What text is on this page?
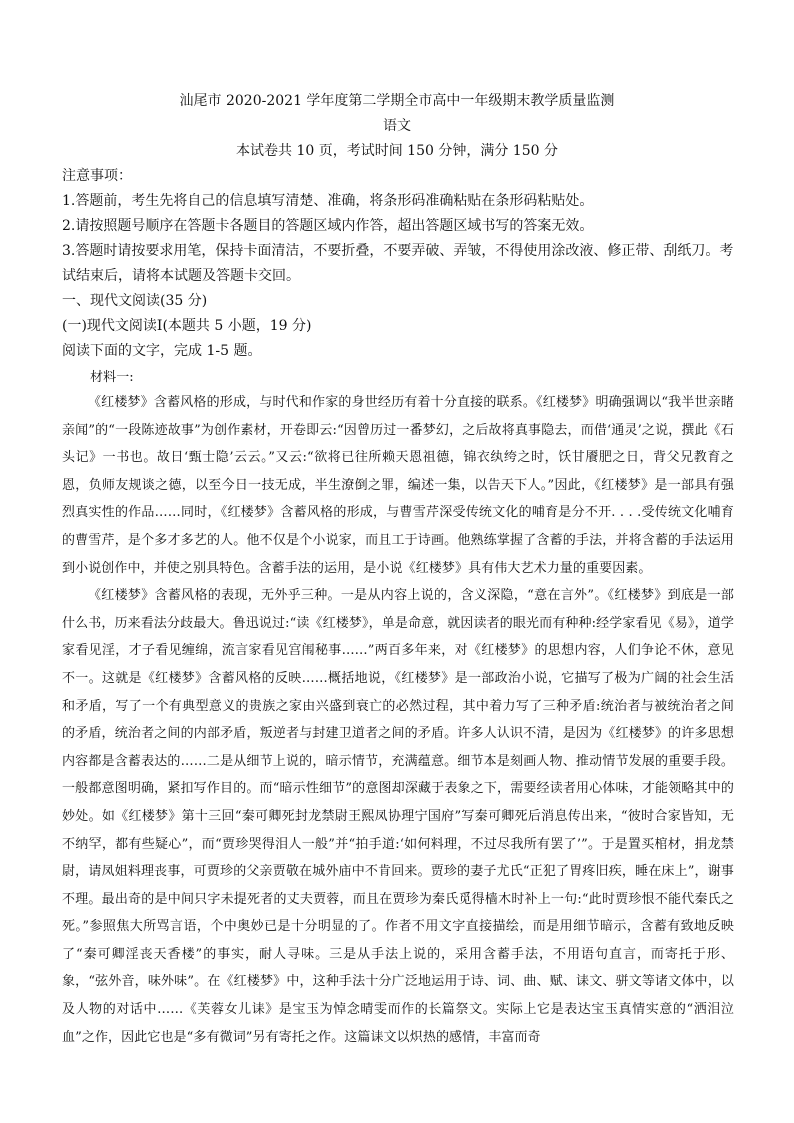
汕尾市 2020-2021 学年度第二学期全市高中一年级期末教学质量监测
语文
本试卷共 10 页，考试时间 150 分钟，满分 150 分
注意事项：
1.答题前，考生先将自己的信息填写清楚、准确，将条形码准确粘贴在条形码粘贴处。
2.请按照题号顺序在答题卡各题目的答题区域内作答，超出答题区域书写的答案无效。
3.答题时请按要求用笔，保持卡面清洁，不要折叠，不要弄破、弄皱，不得使用涂改液、修正带、刮纸刀。考
试结束后，请将本试题及答题卡交回。
一、现代文阅读(35 分)
(一)现代文阅读Ⅰ(本题共 5 小题，19 分)
阅读下面的文字，完成 1-5 题。
材料一:

《红楼梦》含蓄风格的形成，与时代和作家的身世经历有着十分直接的联系。《红楼梦》明确强调以“我半世亲睹亲闻”的“一段陈迹故事”为创作素材，开卷即云:“因曾历过一番梦幻，之后故将真事隐去，而借‘通灵’之说，撰此《石头记》一书也。故日‘甄士隐’云云。”又云:“欲将已往所赖天恩祖德，锦衣纨绔之时，饫甘餍肥之日，背父兄教育之恩，负师友规谈之德，以至今日一技无成，半生潦倒之罪，编述一集，以告天下人。”因此，《红楼梦》是一部具有强烈真实性的作品……同时，《红楼梦》含蓄风格的形成，与曹雪芹深受传统文化的哺育是分不开. . . .受传统文化哺育的曹雪芹，是个多才多艺的人。他不仅是个小说家，而且工于诗画。他熟练掌握了含蓄的手法，并将含蓄的手法运用到小说创作中，并使之别具特色。含蓄手法的运用，是小说《红楼梦》具有伟大艺术力量的重要因素。

《红楼梦》含蓄风格的表现，无外乎三种。一是从内容上说的，含义深隐，“意在言外”。《红楼梦》到底是一部什么书，历来看法分歧最大。鲁迅说过:“读《红楼梦》，单是命意，就因读者的眼光而有种种:经学家看见《易》，道学家看见淫，才子看见缠绵，流言家看见宫闱秘事……”两百多年来，对《红楼梦》的思想内容，人们争论不休，意见不一。这就是《红楼梦》含蓄风格的反映……概括地说，《红楼梦》是一部政治小说，它描写了极为广阔的社会生活和矛盾，写了一个有典型意义的贵族之家由兴盛到衰亡的必然过程，其中着力写了三种矛盾:统治者与被统治者之间的矛盾，统治者之间的内部矛盾，叛逆者与封建卫道者之间的矛盾。许多人认识不清，是因为《红楼梦》的许多思想内容都是含蓄表达的……二是从细节上说的，暗示情节，充满蕴意。细节本是刻画人物、推动情节发展的重要手段。一般都意图明确，紧扣写作目的。而“暗示性细节”的意图却深藏于表象之下，需要经读者用心体味，才能领略其中的妙处。如《红楼梦》第十三回“秦可卿死封龙禁尉王熙凤协理宁国府”写秦可卿死后消息传出来，“彼时合家皆知，无不纳罕，都有些疑心”，而“贾珍哭得泪人一般”并“拍手道:‘如何料理，不过尽我所有罢了’”。于是置买棺材，捐龙禁尉，请凤姐料理丧事，可贾珍的父亲贾敬在城外庙中不肯回来。贾珍的妻子尤氏“正犯了胃疼旧疾，睡在床上”，谢事不理。最出奇的是中间只字未提死者的丈夫贾蓉，而且在贾珍为秦氏觅得樯木时补上一句:“此时贾珍恨不能代秦氏之死。”参照焦大所骂言语，个中奥妙已是十分明显的了。作者不用文字直接描绘，而是用细节暗示，含蓄有致地反映了“秦可卿淫丧天香楼”的事实，耐人寻味。三是从手法上说的，采用含蓄手法，不用语句直言，而寄托于形、象，“弦外音，味外味”。在《红楼梦》中，这种手法十分广泛地运用于诗、词、曲、赋、诔文、骈文等诸文体中，以及人物的对话中……《芙蓉女儿诔》是宝玉为悼念晴雯而作的长篇祭文。实际上它是表达宝玉真情实意的“洒泪泣血”之作，因此它也是“多有微词”另有寄托之作。这篇诔文以炽热的感情，丰富而奇
